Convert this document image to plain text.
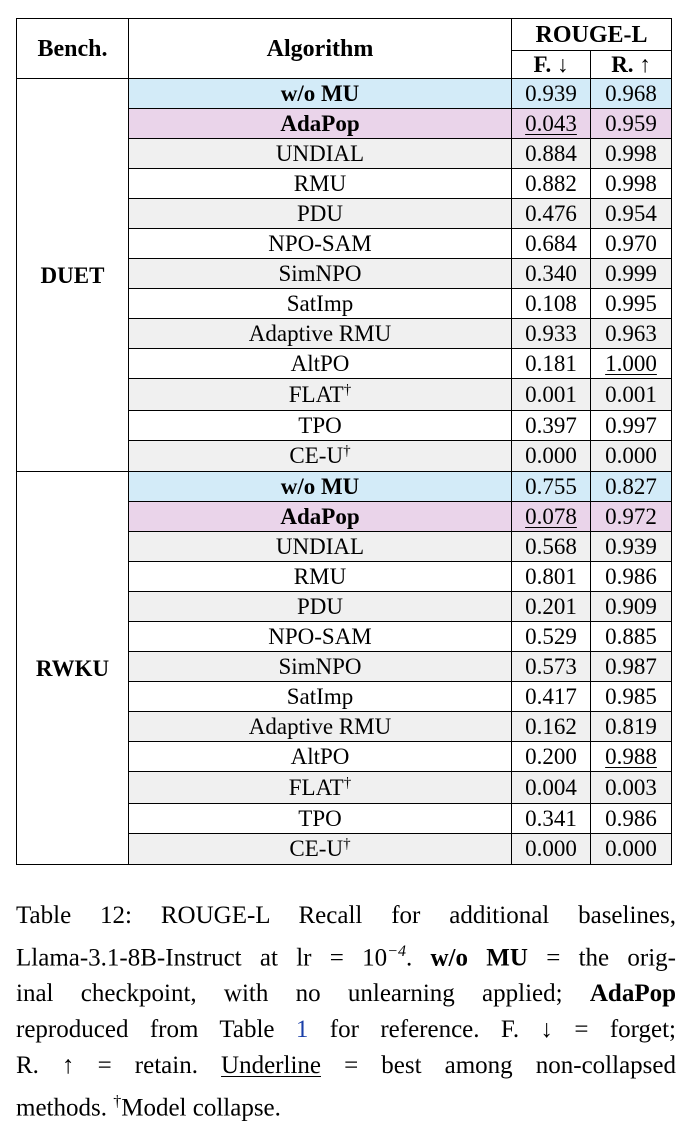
Bench.	Algorithm	ROUGE-L	
		F. ↓	R. ↑
DUET	w/o MU	0.939	0.968
	AdaPop	0.043	0.959
	UNDIAL	0.884	0.998
	RMU	0.882	0.998
	PDU	0.476	0.954
	NPO-SAM	0.684	0.970
	SimNPO	0.340	0.999
	SatImp	0.108	0.995
	Adaptive RMU	0.933	0.963
	AltPO	0.181	1.000
	FLAT†	0.001	0.001
	TPO	0.397	0.997
	CE-U†	0.000	0.000
RWKU	w/o MU	0.755	0.827
	AdaPop	0.078	0.972
	UNDIAL	0.568	0.939
	RMU	0.801	0.986
	PDU	0.201	0.909
	NPO-SAM	0.529	0.885
	SimNPO	0.573	0.987
	SatImp	0.417	0.985
	Adaptive RMU	0.162	0.819
	AltPO	0.200	0.988
	FLAT†	0.004	0.003
	TPO	0.341	0.986
	CE-U†	0.000	0.000
Table 12: ROUGE-L Recall for additional baselines,
Llama-3.1-8B-Instruct at lr = $10^{-4}$. w/o MU = the orig-
inal checkpoint, with no unlearning applied; AdaPop
reproduced from Table 1 for reference. F. ↓ = forget;
R. ↑ = retain. Underline = best among non-collapsed
methods. †Model collapse.
